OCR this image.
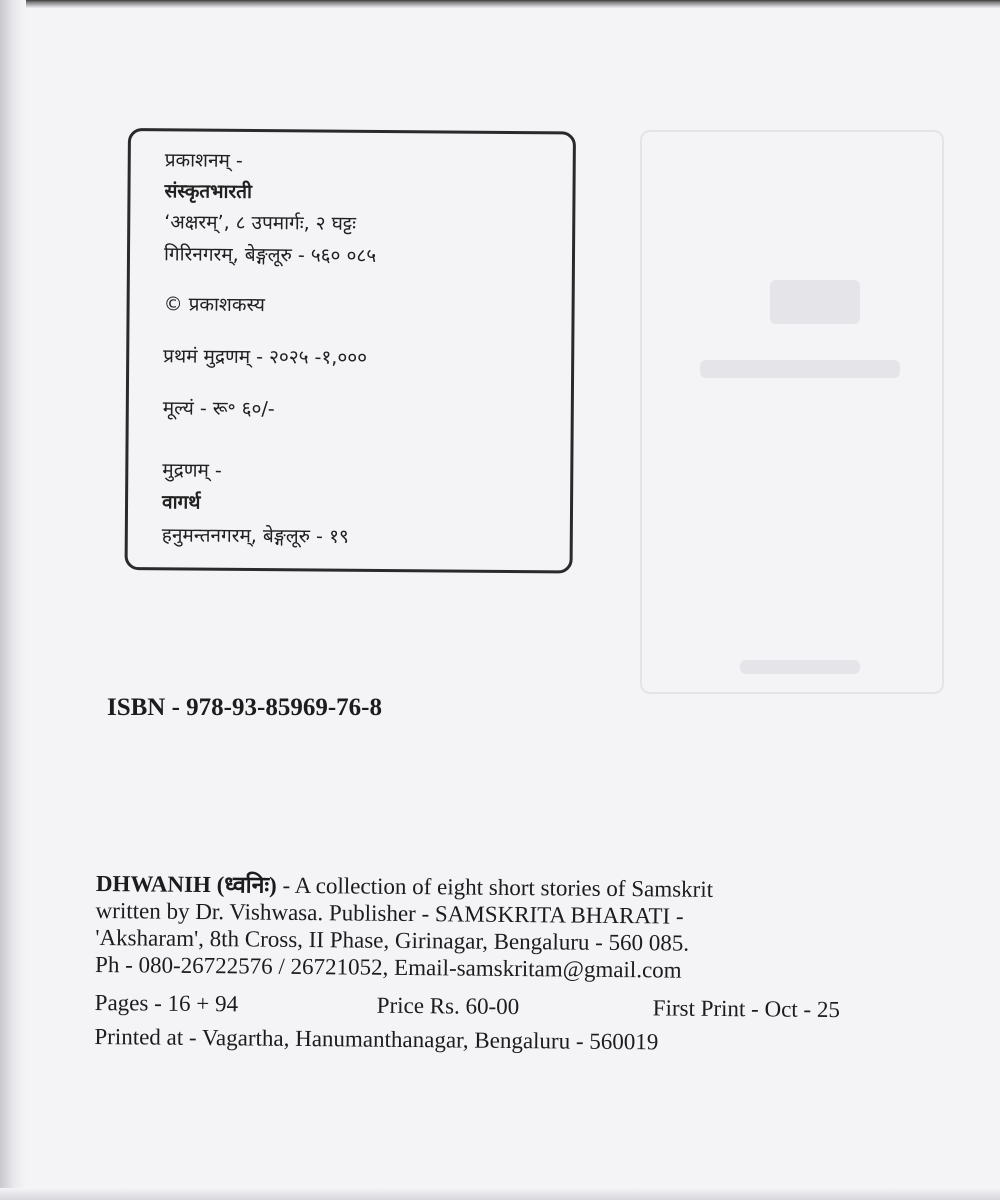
प्रकाशनम् -
संस्कृतभारती
‘अक्षरम्’, ८ उपमार्गः, २ घट्टः
गिरिनगरम्, बेङ्गलूरु - ५६० ०८५
© प्रकाशकस्य
प्रथमं मुद्रणम् - २०२५ -१,०००
मूल्यं - रू॰ ६०/-
मुद्रणम् -
वागर्थ
हनुमन्तनगरम्, बेङ्गलूरु - १९
ISBN - 978-93-85969-76-8
DHWANIH (ध्वनिः) - A collection of eight short stories of Samskrit
written by Dr. Vishwasa. Publisher - SAMSKRITA BHARATI -
'Aksharam', 8th Cross, II Phase, Girinagar, Bengaluru - 560 085.
Ph - 080-26722576 / 26721052, Email-samskritam@gmail.com
Pages - 16 + 94	Price Rs. 60-00	First Print - Oct - 25
Printed at - Vagartha, Hanumanthanagar, Bengaluru - 560019
